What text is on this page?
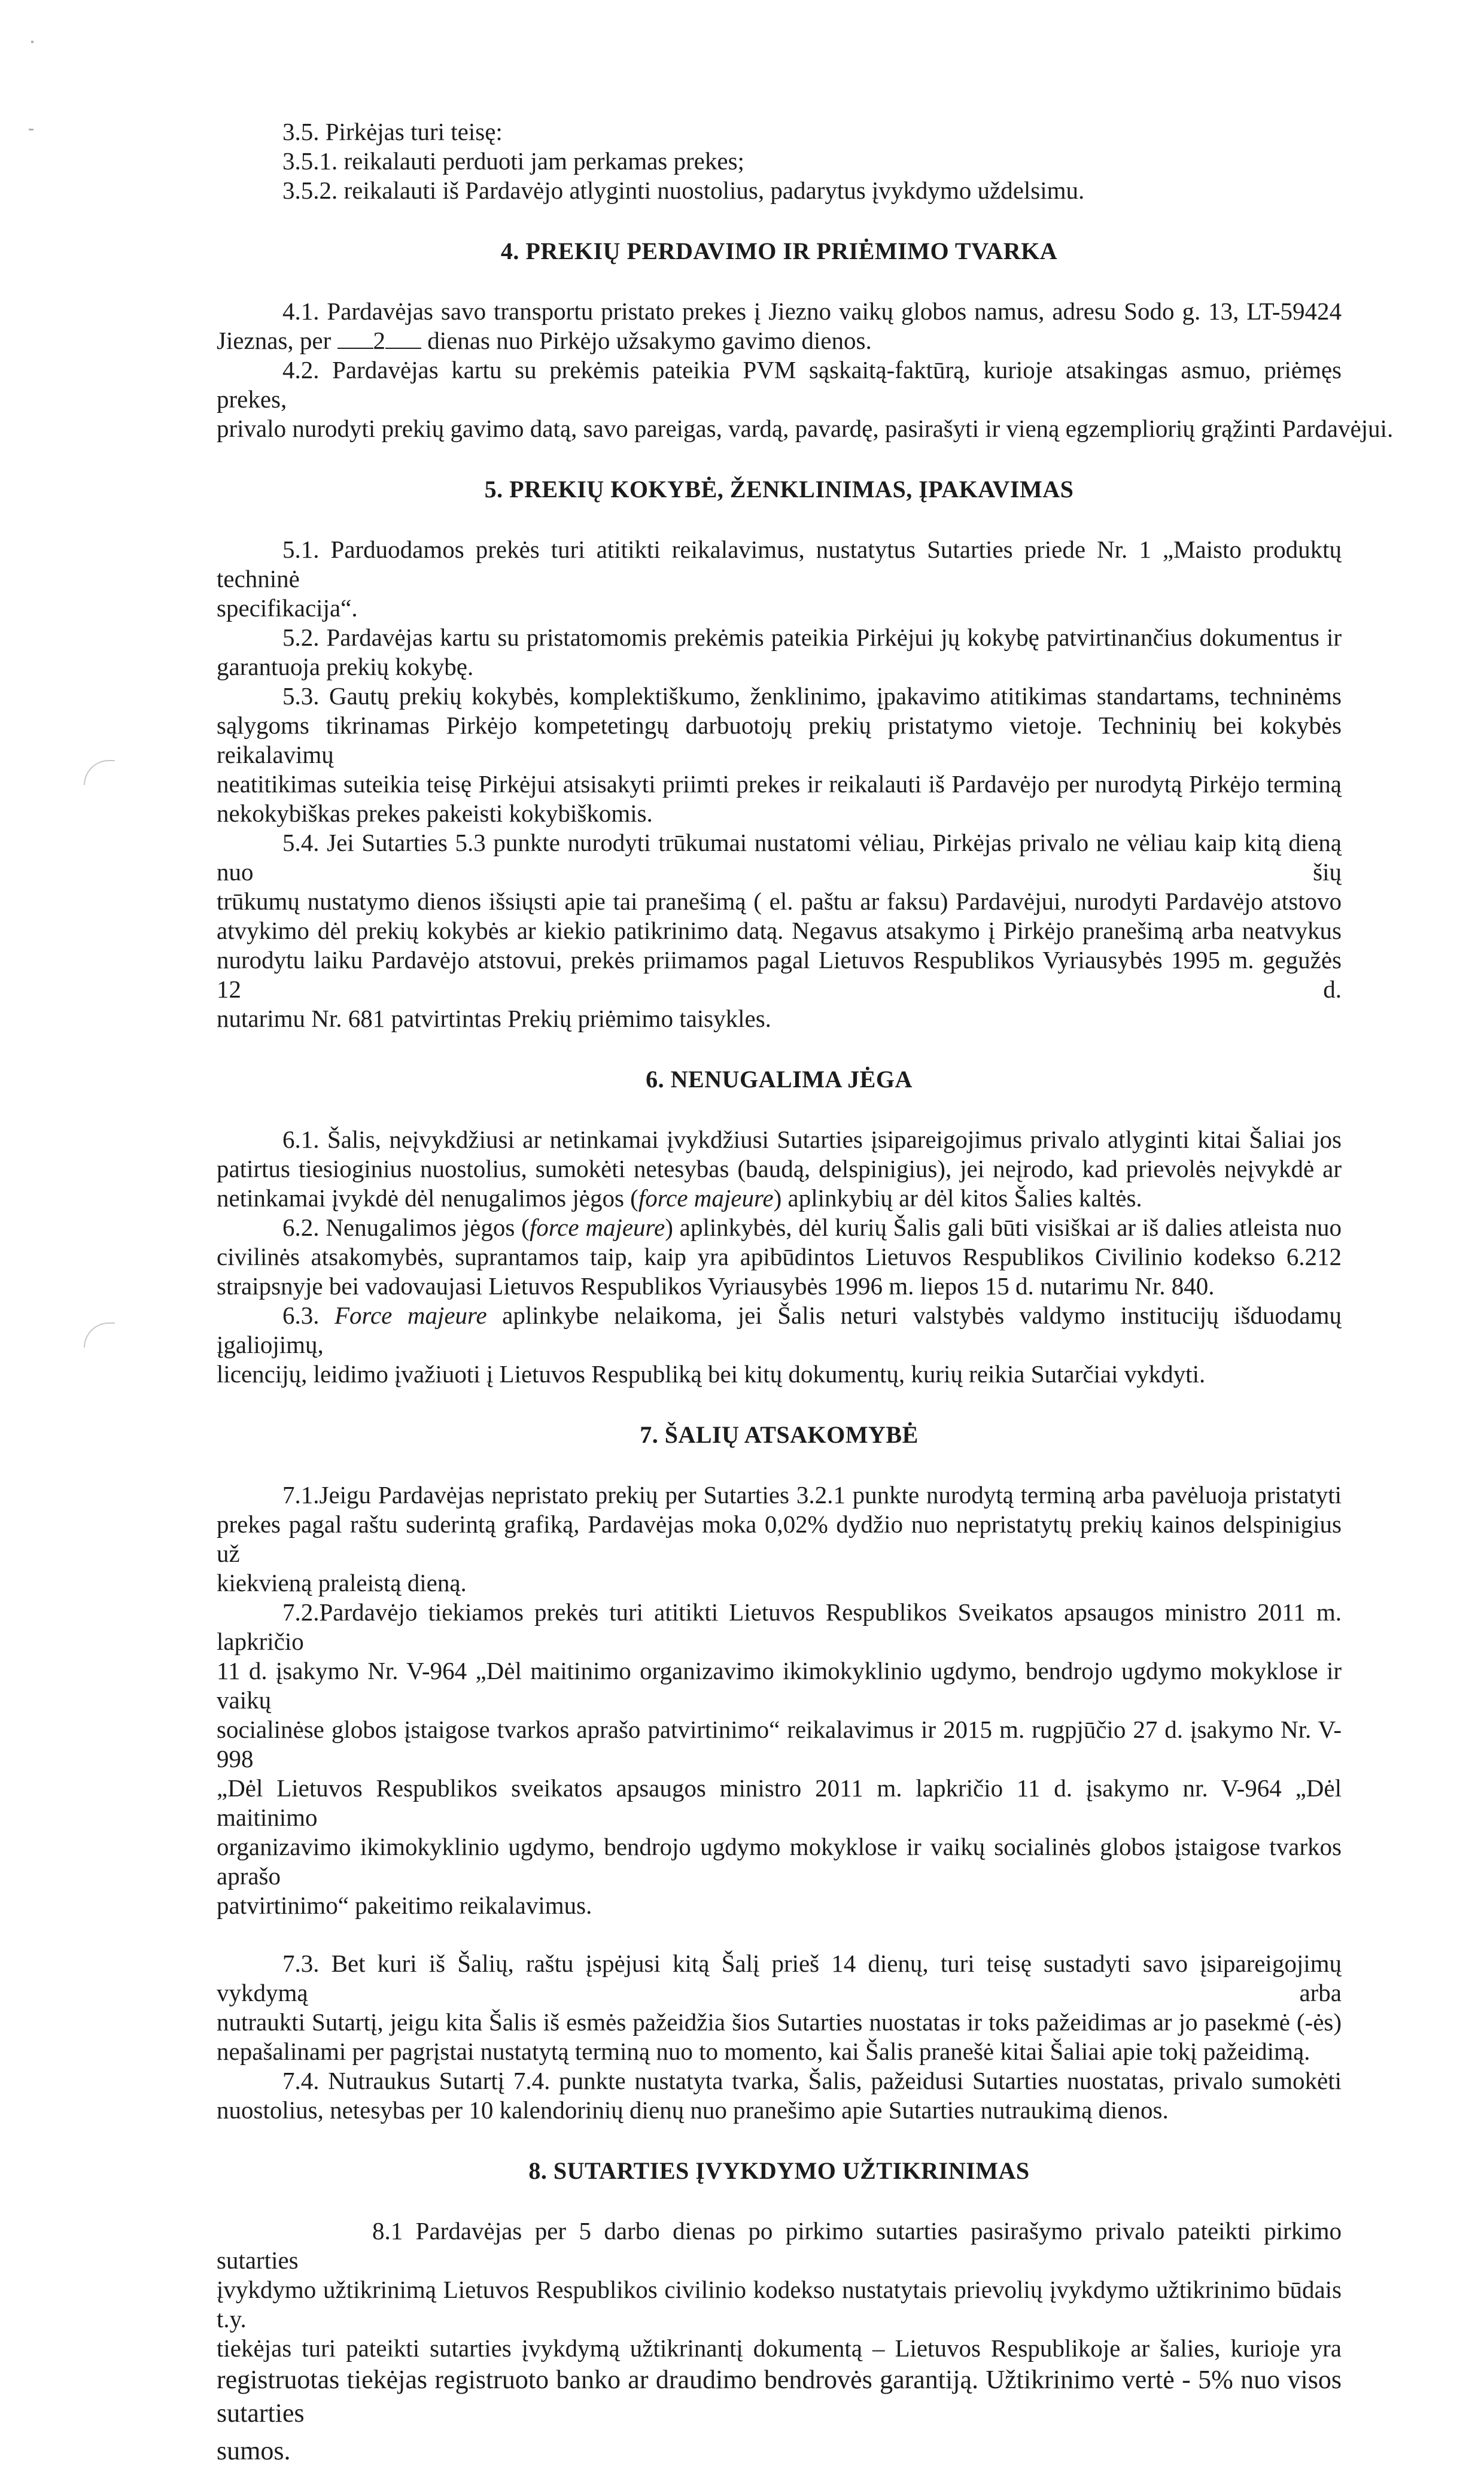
3.5. Pirkėjas turi teisę:

3.5.1. reikalauti perduoti jam perkamas prekes;

3.5.2. reikalauti iš Pardavėjo atlyginti nuostolius, padarytus įvykdymo uždelsimu.

4. PREKIŲ PERDAVIMO IR PRIĖMIMO TVARKA

4.1. Pardavėjas savo transportu pristato prekes į Jiezno vaikų globos namus, adresu Sodo g. 13, LT-59424

Jieznas, per 2 dienas nuo Pirkėjo užsakymo gavimo dienos.

4.2. Pardavėjas kartu su prekėmis pateikia PVM sąskaitą-faktūrą, kurioje atsakingas asmuo, priėmęs prekes,

privalo nurodyti prekių gavimo datą, savo pareigas, vardą, pavardę, pasirašyti ir vieną egzempliorių grąžinti Pardavėjui.

5. PREKIŲ KOKYBĖ, ŽENKLINIMAS, ĮPAKAVIMAS

5.1. Parduodamos prekės turi atitikti reikalavimus, nustatytus Sutarties priede Nr. 1 „Maisto produktų techninė

specifikacija“.

5.2. Pardavėjas kartu su pristatomomis prekėmis pateikia Pirkėjui jų kokybę patvirtinančius dokumentus ir

garantuoja prekių kokybę.

5.3. Gautų prekių kokybės, komplektiškumo, ženklinimo, įpakavimo atitikimas standartams, techninėms

sąlygoms tikrinamas Pirkėjo kompetetingų darbuotojų prekių pristatymo vietoje. Techninių bei kokybės reikalavimų

neatitikimas suteikia teisę Pirkėjui atsisakyti priimti prekes ir reikalauti iš Pardavėjo per nurodytą Pirkėjo terminą

nekokybiškas prekes pakeisti kokybiškomis.

5.4. Jei Sutarties 5.3 punkte nurodyti trūkumai nustatomi vėliau, Pirkėjas privalo ne vėliau kaip kitą dieną nuo šių

trūkumų nustatymo dienos išsiųsti apie tai pranešimą ( el. paštu ar faksu) Pardavėjui, nurodyti Pardavėjo atstovo

atvykimo dėl prekių kokybės ar kiekio patikrinimo datą. Negavus atsakymo į Pirkėjo pranešimą arba neatvykus

nurodytu laiku Pardavėjo atstovui, prekės priimamos pagal Lietuvos Respublikos Vyriausybės 1995 m. gegužės 12 d.

nutarimu Nr. 681 patvirtintas Prekių priėmimo taisykles.

6. NENUGALIMA JĖGA

6.1. Šalis, neįvykdžiusi ar netinkamai įvykdžiusi Sutarties įsipareigojimus privalo atlyginti kitai Šaliai jos

patirtus tiesioginius nuostolius, sumokėti netesybas (baudą, delspinigius), jei neįrodo, kad prievolės neįvykdė ar

netinkamai įvykdė dėl nenugalimos jėgos (force majeure) aplinkybių ar dėl kitos Šalies kaltės.

6.2. Nenugalimos jėgos (force majeure) aplinkybės, dėl kurių Šalis gali būti visiškai ar iš dalies atleista nuo

civilinės atsakomybės, suprantamos taip, kaip yra apibūdintos Lietuvos Respublikos Civilinio kodekso 6.212

straipsnyje bei vadovaujasi Lietuvos Respublikos Vyriausybės 1996 m. liepos 15 d. nutarimu Nr. 840.

6.3. Force majeure aplinkybe nelaikoma, jei Šalis neturi valstybės valdymo institucijų išduodamų įgaliojimų,

licencijų, leidimo įvažiuoti į Lietuvos Respubliką bei kitų dokumentų, kurių reikia Sutarčiai vykdyti.

7. ŠALIŲ ATSAKOMYBĖ

7.1.Jeigu Pardavėjas nepristato prekių per Sutarties 3.2.1 punkte nurodytą terminą arba pavėluoja pristatyti

prekes pagal raštu suderintą grafiką, Pardavėjas moka 0,02% dydžio nuo nepristatytų prekių kainos delspinigius už

kiekvieną praleistą dieną.

7.2.Pardavėjo tiekiamos prekės turi atitikti Lietuvos Respublikos Sveikatos apsaugos ministro 2011 m. lapkričio

11 d. įsakymo Nr. V-964 „Dėl maitinimo organizavimo ikimokyklinio ugdymo, bendrojo ugdymo mokyklose ir vaikų

socialinėse globos įstaigose tvarkos aprašo patvirtinimo“ reikalavimus ir 2015 m. rugpjūčio 27 d. įsakymo Nr. V-998

„Dėl Lietuvos Respublikos sveikatos apsaugos ministro 2011 m. lapkričio 11 d. įsakymo nr. V-964 „Dėl maitinimo

organizavimo ikimokyklinio ugdymo, bendrojo ugdymo mokyklose ir vaikų socialinės globos įstaigose tvarkos aprašo

patvirtinimo“ pakeitimo reikalavimus.

7.3. Bet kuri iš Šalių, raštu įspėjusi kitą Šalį prieš 14 dienų, turi teisę sustadyti savo įsipareigojimų vykdymą arba

nutraukti Sutartį, jeigu kita Šalis iš esmės pažeidžia šios Sutarties nuostatas ir toks pažeidimas ar jo pasekmė (-ės)

nepašalinami per pagrįstai nustatytą terminą nuo to momento, kai Šalis pranešė kitai Šaliai apie tokį pažeidimą.

7.4. Nutraukus Sutartį 7.4. punkte nustatyta tvarka, Šalis, pažeidusi Sutarties nuostatas, privalo sumokėti

nuostolius, netesybas per 10 kalendorinių dienų nuo pranešimo apie Sutarties nutraukimą dienos.

8. SUTARTIES ĮVYKDYMO UŽTIKRINIMAS

8.1 Pardavėjas per 5 darbo dienas po pirkimo sutarties pasirašymo privalo pateikti pirkimo sutarties

įvykdymo užtikrinimą Lietuvos Respublikos civilinio kodekso nustatytais prievolių įvykdymo užtikrinimo būdais t.y.

tiekėjas turi pateikti sutarties įvykdymą užtikrinantį dokumentą – Lietuvos Respublikoje ar šalies, kurioje yra

registruotas tiekėjas registruoto banko ar draudimo bendrovės garantiją. Užtikrinimo vertė - 5% nuo visos sutarties

sumos.
